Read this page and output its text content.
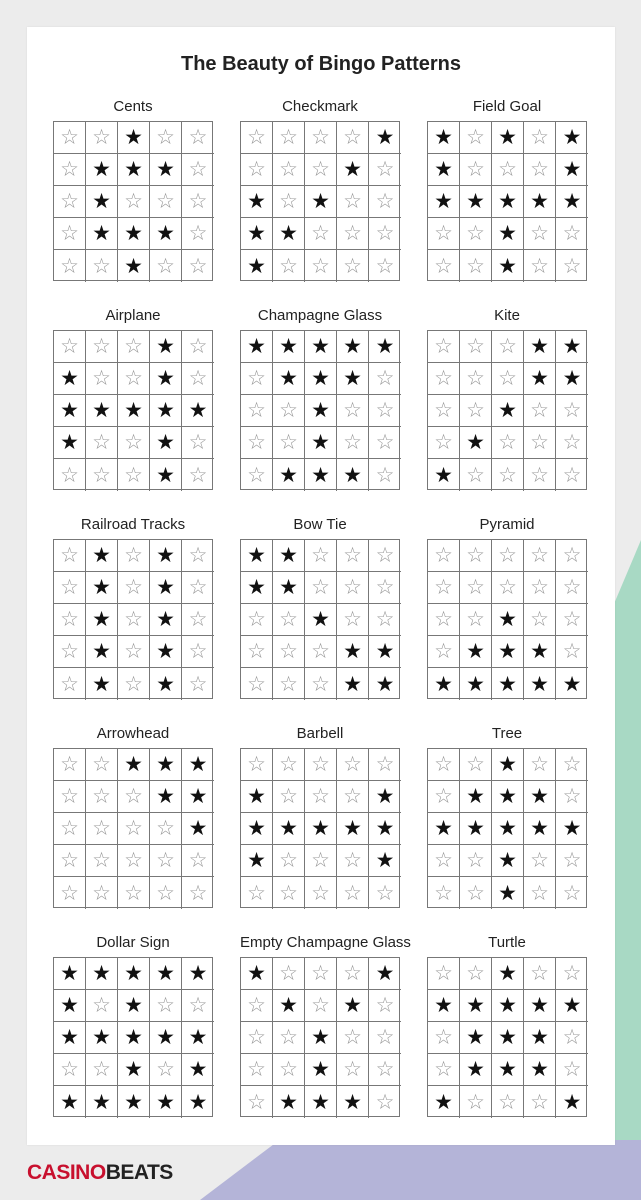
The Beauty of Bingo Patterns
Cents
☆ ☆ ★ ☆ ☆
☆ ★ ★ ★ ☆
☆ ★ ☆ ☆ ☆
☆ ★ ★ ★ ☆
☆ ☆ ★ ☆ ☆
Checkmark
☆ ☆ ☆ ☆ ★
☆ ☆ ☆ ★ ☆
★ ☆ ★ ☆ ☆
★ ★ ☆ ☆ ☆
★ ☆ ☆ ☆ ☆
Field Goal
★ ☆ ★ ☆ ★
★ ☆ ☆ ☆ ★
★ ★ ★ ★ ★
☆ ☆ ★ ☆ ☆
☆ ☆ ★ ☆ ☆
Airplane
☆ ☆ ☆ ★ ☆
★ ☆ ☆ ★ ☆
★ ★ ★ ★ ★
★ ☆ ☆ ★ ☆
☆ ☆ ☆ ★ ☆
Champagne Glass
★ ★ ★ ★ ★
☆ ★ ★ ★ ☆
☆ ☆ ★ ☆ ☆
☆ ☆ ★ ☆ ☆
☆ ★ ★ ★ ☆
Kite
☆ ☆ ☆ ★ ★
☆ ☆ ☆ ★ ★
☆ ☆ ★ ☆ ☆
☆ ★ ☆ ☆ ☆
★ ☆ ☆ ☆ ☆
Railroad Tracks
☆ ★ ☆ ★ ☆
☆ ★ ☆ ★ ☆
☆ ★ ☆ ★ ☆
☆ ★ ☆ ★ ☆
☆ ★ ☆ ★ ☆
Bow Tie
★ ★ ☆ ☆ ☆
★ ★ ☆ ☆ ☆
☆ ☆ ★ ☆ ☆
☆ ☆ ☆ ★ ★
☆ ☆ ☆ ★ ★
Pyramid
☆ ☆ ☆ ☆ ☆
☆ ☆ ☆ ☆ ☆
☆ ☆ ★ ☆ ☆
☆ ★ ★ ★ ☆
★ ★ ★ ★ ★
Arrowhead
☆ ☆ ★ ★ ★
☆ ☆ ☆ ★ ★
☆ ☆ ☆ ☆ ★
☆ ☆ ☆ ☆ ☆
☆ ☆ ☆ ☆ ☆
Barbell
☆ ☆ ☆ ☆ ☆
★ ☆ ☆ ☆ ★
★ ★ ★ ★ ★
★ ☆ ☆ ☆ ★
☆ ☆ ☆ ☆ ☆
Tree
☆ ☆ ★ ☆ ☆
☆ ★ ★ ★ ☆
★ ★ ★ ★ ★
☆ ☆ ★ ☆ ☆
☆ ☆ ★ ☆ ☆
Dollar Sign
★ ★ ★ ★ ★
★ ☆ ★ ☆ ☆
★ ★ ★ ★ ★
☆ ☆ ★ ☆ ★
★ ★ ★ ★ ★
Empty Champagne Glass
★ ☆ ☆ ☆ ★
☆ ★ ☆ ★ ☆
☆ ☆ ★ ☆ ☆
☆ ☆ ★ ☆ ☆
☆ ★ ★ ★ ☆
Turtle
☆ ☆ ★ ☆ ☆
★ ★ ★ ★ ★
☆ ★ ★ ★ ☆
☆ ★ ★ ★ ☆
★ ☆ ☆ ☆ ★
CASINOBEATS
